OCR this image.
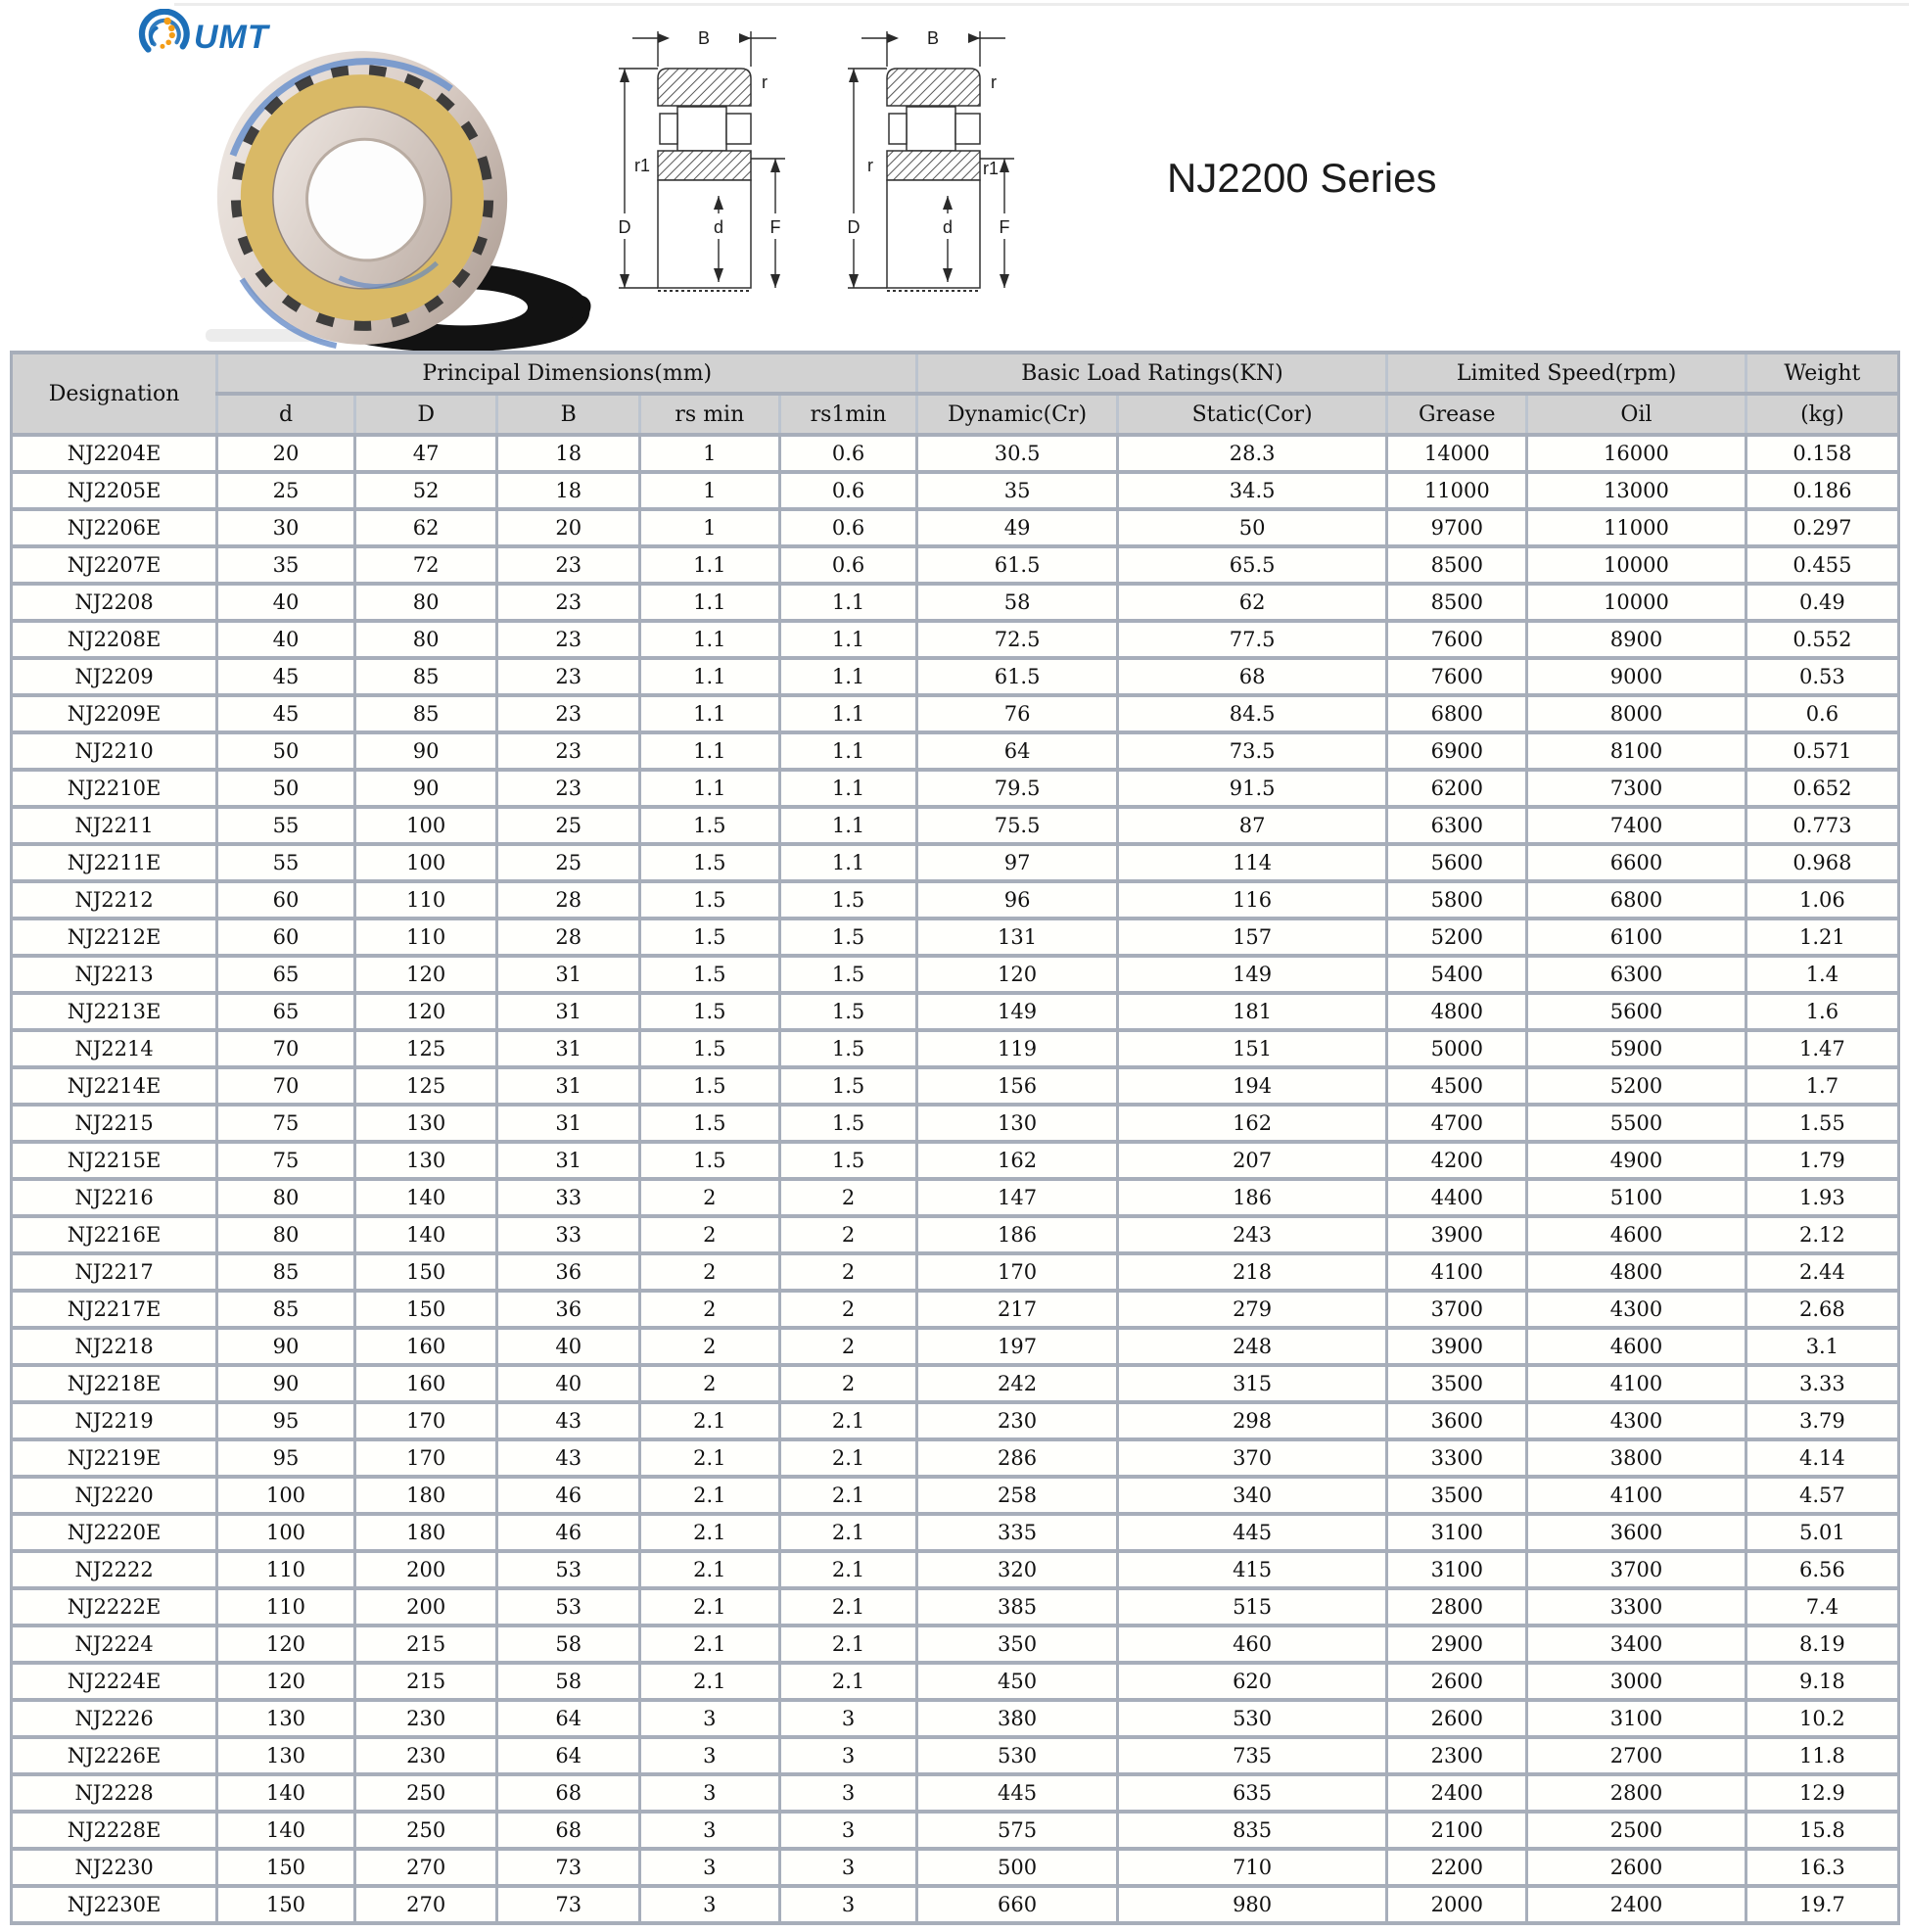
UMT	B
r
r1
D	d	F
B
r
r	r1
D	d	F
NJ2200 Series
Designation	Principal Dimensions(mm)					Basic Load Ratings(KN)		Limited Speed(rpm)		Weight
	d	D	B	rs min	rs1min	Dynamic(Cr)	Static(Cor)	Grease	Oil	(kg)
NJ2204E	20	47	18	1	0.6	30.5	28.3	14000	16000	0.158
NJ2205E	25	52	18	1	0.6	35	34.5	11000	13000	0.186
NJ2206E	30	62	20	1	0.6	49	50	9700	11000	0.297
NJ2207E	35	72	23	1.1	0.6	61.5	65.5	8500	10000	0.455
NJ2208	40	80	23	1.1	1.1	58	62	8500	10000	0.49
NJ2208E	40	80	23	1.1	1.1	72.5	77.5	7600	8900	0.552
NJ2209	45	85	23	1.1	1.1	61.5	68	7600	9000	0.53
NJ2209E	45	85	23	1.1	1.1	76	84.5	6800	8000	0.6
NJ2210	50	90	23	1.1	1.1	64	73.5	6900	8100	0.571
NJ2210E	50	90	23	1.1	1.1	79.5	91.5	6200	7300	0.652
NJ2211	55	100	25	1.5	1.1	75.5	87	6300	7400	0.773
NJ2211E	55	100	25	1.5	1.1	97	114	5600	6600	0.968
NJ2212	60	110	28	1.5	1.5	96	116	5800	6800	1.06
NJ2212E	60	110	28	1.5	1.5	131	157	5200	6100	1.21
NJ2213	65	120	31	1.5	1.5	120	149	5400	6300	1.4
NJ2213E	65	120	31	1.5	1.5	149	181	4800	5600	1.6
NJ2214	70	125	31	1.5	1.5	119	151	5000	5900	1.47
NJ2214E	70	125	31	1.5	1.5	156	194	4500	5200	1.7
NJ2215	75	130	31	1.5	1.5	130	162	4700	5500	1.55
NJ2215E	75	130	31	1.5	1.5	162	207	4200	4900	1.79
NJ2216	80	140	33	2	2	147	186	4400	5100	1.93
NJ2216E	80	140	33	2	2	186	243	3900	4600	2.12
NJ2217	85	150	36	2	2	170	218	4100	4800	2.44
NJ2217E	85	150	36	2	2	217	279	3700	4300	2.68
NJ2218	90	160	40	2	2	197	248	3900	4600	3.1
NJ2218E	90	160	40	2	2	242	315	3500	4100	3.33
NJ2219	95	170	43	2.1	2.1	230	298	3600	4300	3.79
NJ2219E	95	170	43	2.1	2.1	286	370	3300	3800	4.14
NJ2220	100	180	46	2.1	2.1	258	340	3500	4100	4.57
NJ2220E	100	180	46	2.1	2.1	335	445	3100	3600	5.01
NJ2222	110	200	53	2.1	2.1	320	415	3100	3700	6.56
NJ2222E	110	200	53	2.1	2.1	385	515	2800	3300	7.4
NJ2224	120	215	58	2.1	2.1	350	460	2900	3400	8.19
NJ2224E	120	215	58	2.1	2.1	450	620	2600	3000	9.18
NJ2226	130	230	64	3	3	380	530	2600	3100	10.2
NJ2226E	130	230	64	3	3	530	735	2300	2700	11.8
NJ2228	140	250	68	3	3	445	635	2400	2800	12.9
NJ2228E	140	250	68	3	3	575	835	2100	2500	15.8
NJ2230	150	270	73	3	3	500	710	2200	2600	16.3
NJ2230E	150	270	73	3	3	660	980	2000	2400	19.7
